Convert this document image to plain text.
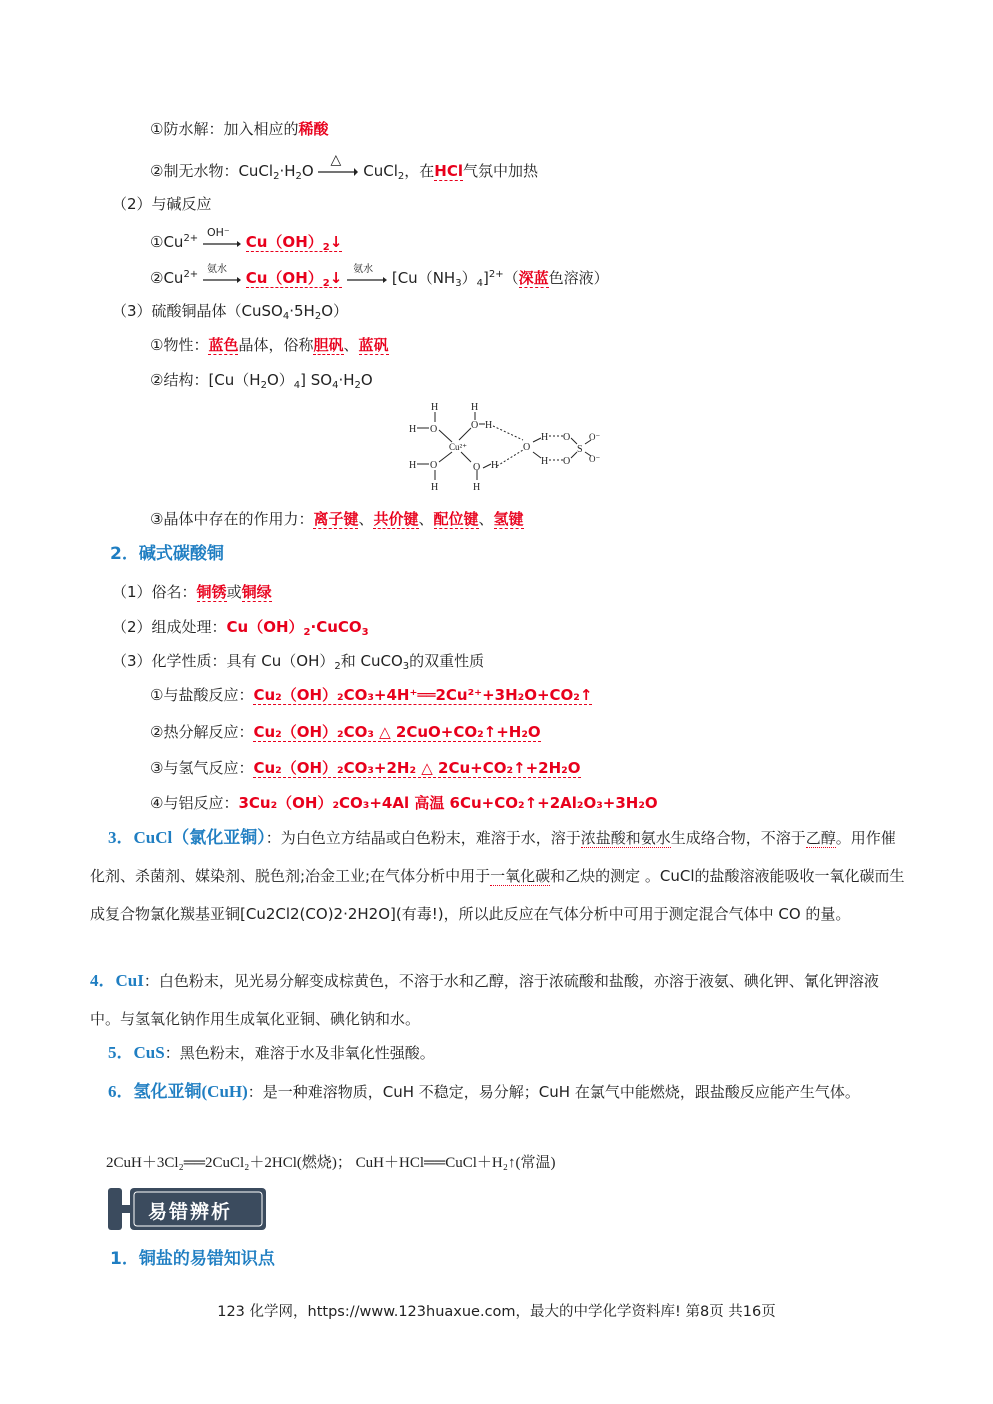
①防水解：加入相应的稀酸
②制无水物：$CuCl_2\cdot H_2O$
△
CuCl$_2$，在HCl气氛中加热
（2）与碱反应
$①Cu^{2+}$ OH⁻
$Cu(OH)_2↓$
$②Cu^{2+}$ 氨水 $Cu(OH)_2↓$ 氨水 $[Cu(NH_3)_4]^{2+}$（深蓝色溶液）
（3）硫酸铜晶体$(CuSO_4\cdot 5H_2O)$
①物性：蓝色晶体，俗称胆矾、蓝矾
②结构：$[Cu(H_2O)_4]$ $SO_4\cdot H_2O$
H
H O
H
O H
Cu²⁺
H O
H
O H
H
O
H
H
O
O
S
O⁻
O⁻
③晶体中存在的作用力：离子键、共价键、配位键、氢键
2．碱式碳酸铜
（1）俗名：铜锈或铜绿
（2）组成处理：$Cu(OH)_2\cdot CuCO_3$
（3）化学性质：具有 $Cu(OH)_2$和 CuCO$_3$的双重性质
①与盐酸反应：Cu₂（OH）₂CO₃+4H⁺══2Cu²⁺+3H₂O+CO₂↑
②热分解反应：Cu₂（OH）₂CO₃ △ 2CuO+CO₂↑+H₂O
③与氢气反应：Cu₂（OH）₂CO₃+2H₂ △ 2Cu+CO₂↑+2H₂O
④与铝反应：3Cu₂（OH）₂CO₃+4Al 高温 6Cu+CO₂↑+2Al₂O₃+3H₂O
3．CuCl（氯化亚铜）：为白色立方结晶或白色粉末，难溶于水，溶于浓盐酸和氨水生成络合物，不溶于乙醇。用作催化剂、杀菌剂、媒染剂、脱色剂;冶金工业;在气体分析中用于一氧化碳和乙炔的测定 。CuCl的盐酸溶液能吸收一氧化碳而生成复合物氯化羰基亚铜[Cu2Cl2(CO)2·2H2O](有毒!)，所以此反应在气体分析中可用于测定混合气体中 CO 的量。
4．CuI：白色粉末，见光易分解变成棕黄色，不溶于水和乙醇，溶于浓硫酸和盐酸，亦溶于液氨、碘化钾、氰化钾溶液中。与氢氧化钠作用生成氧化亚铜、碘化钠和水。
5．CuS：黑色粉末，难溶于水及非氧化性强酸。
6．氢化亚铜(CuH)：是一种难溶物质，CuH 不稳定，易分解；CuH 在氯气中能燃烧，跟盐酸反应能产生气体。
2CuH＋3Cl₂══2CuCl₂＋2HCl(燃烧)； CuH＋HCl══CuCl＋H₂↑(常温)
易错辨析
1．铜盐的易错知识点
123 化学网，https://www.123huaxue.com，最大的中学化学资料库! 第8页 共16页
